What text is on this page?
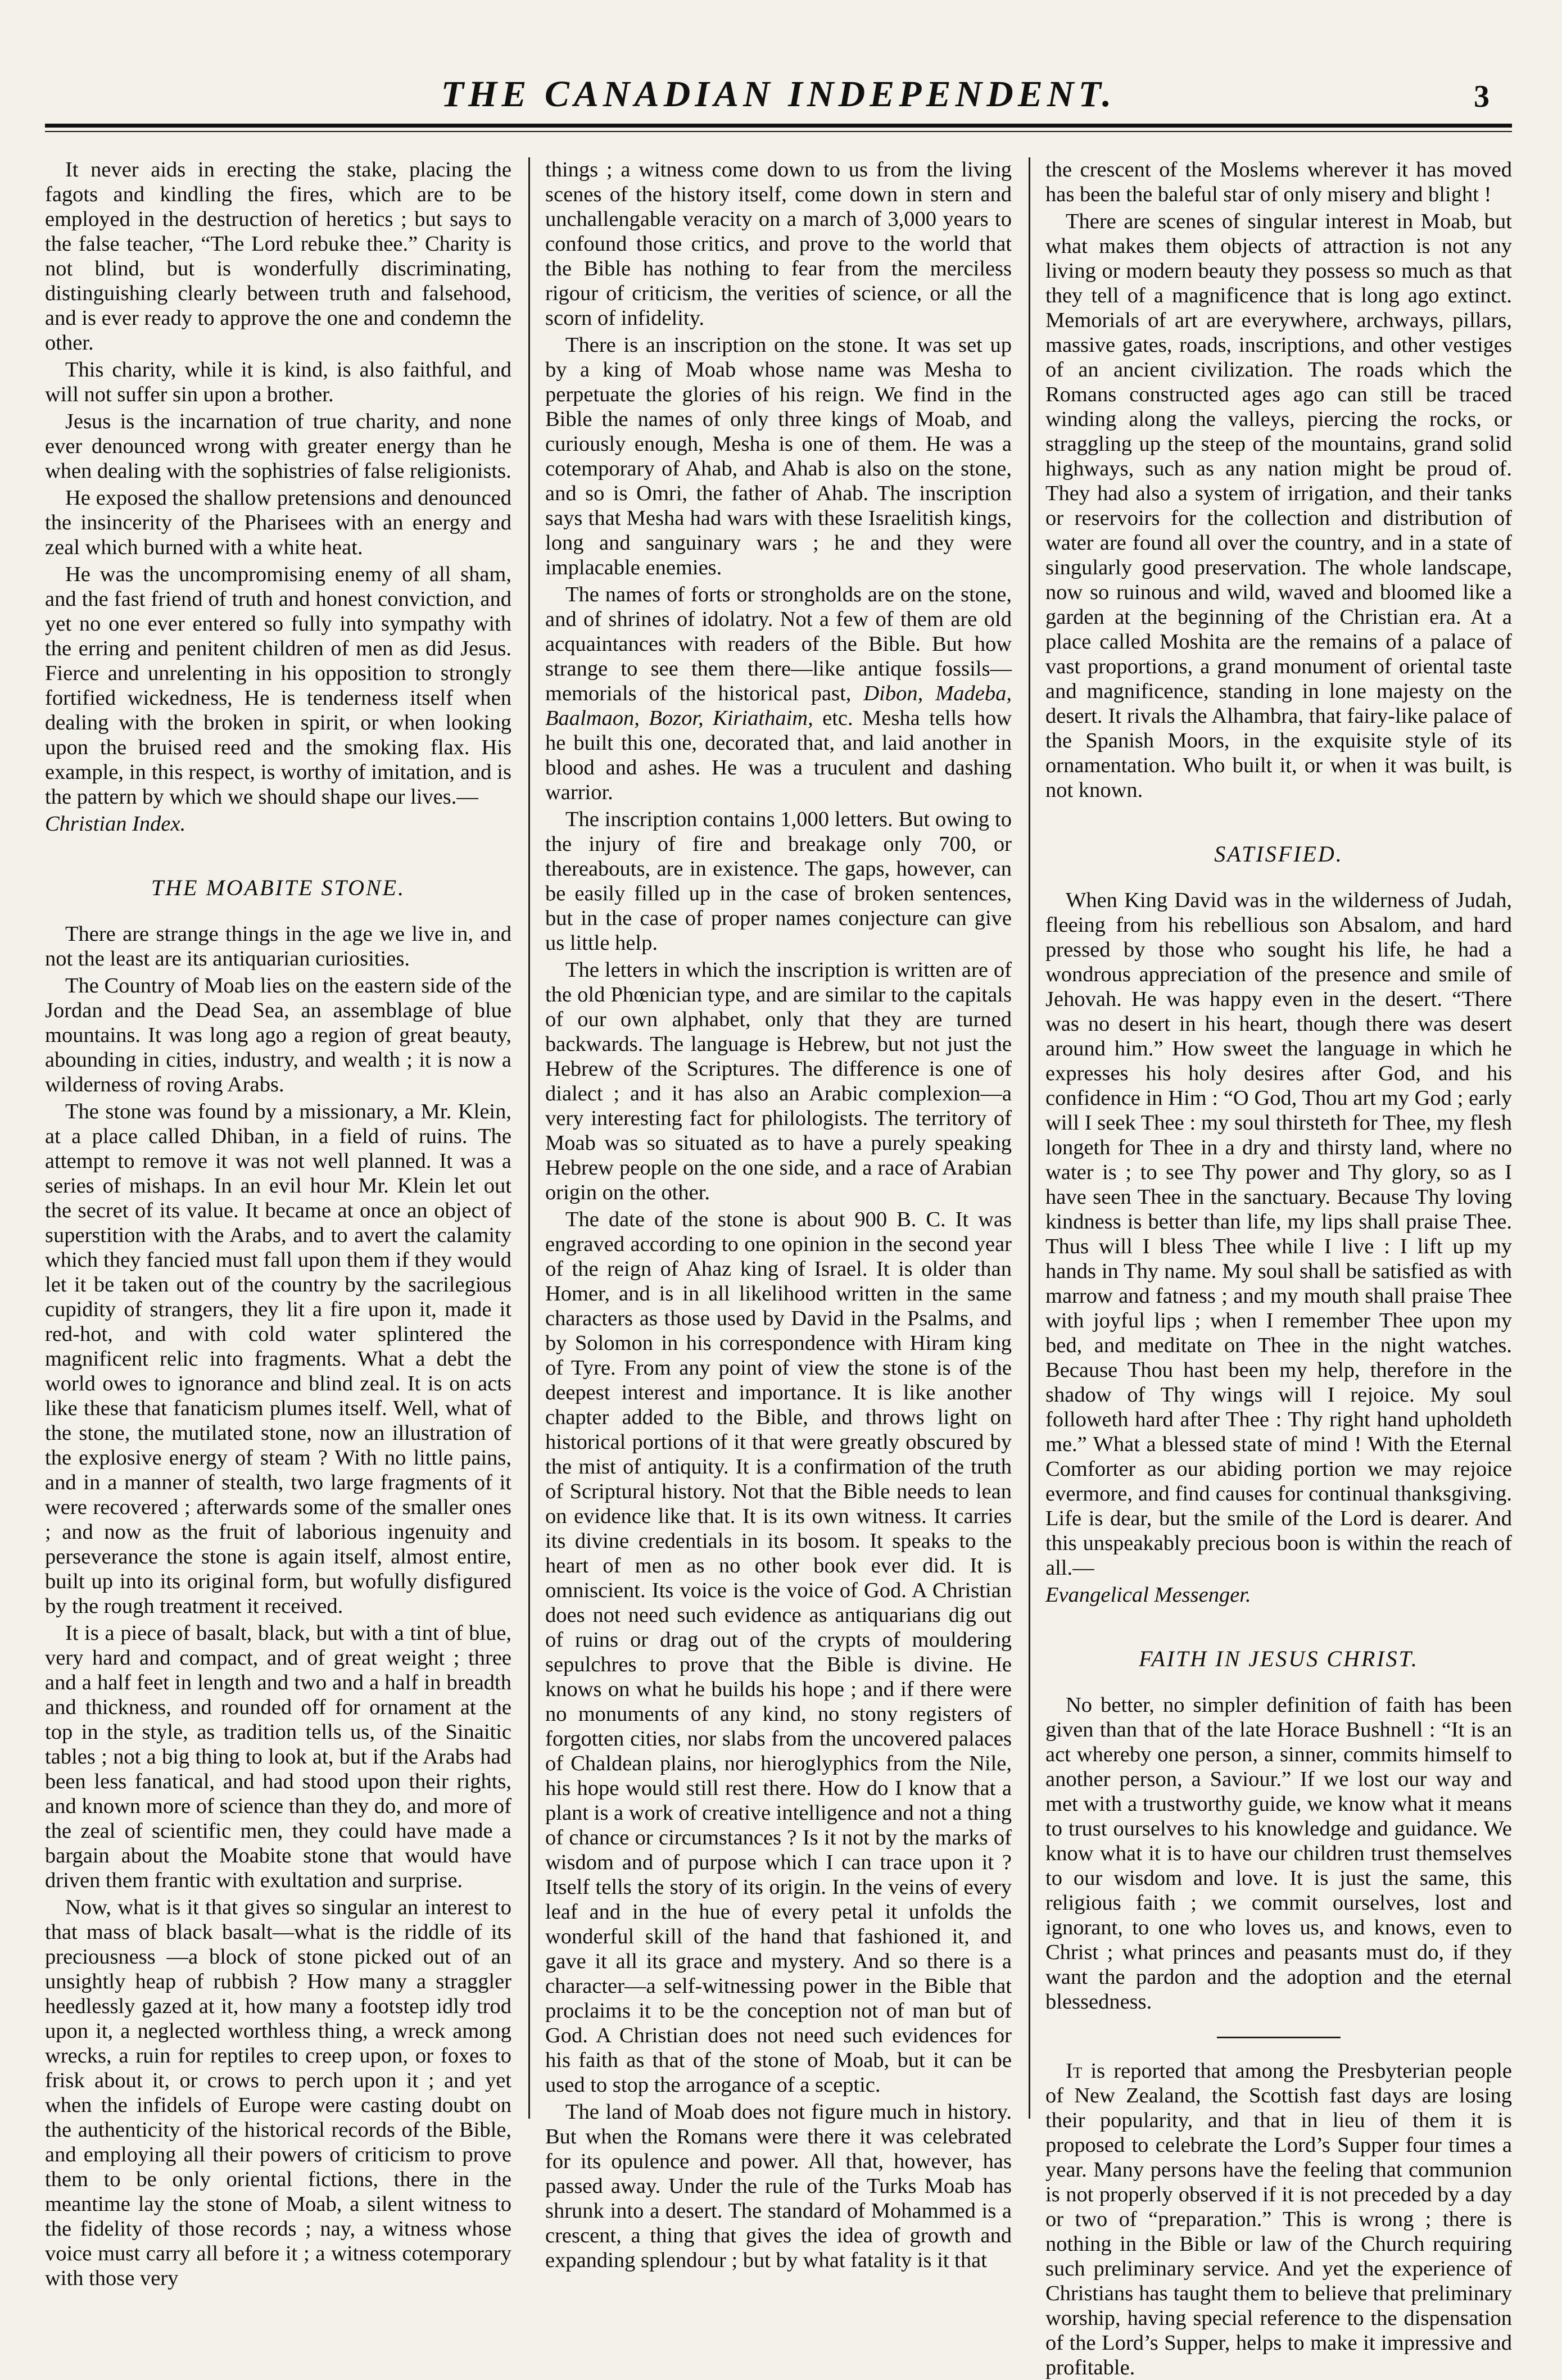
THE CANADIAN INDEPENDENT.	3

It never aids in erecting the stake, placing the fagots and kindling the fires, which are to be employed in the destruction of heretics ; but says to the false teacher, “The Lord rebuke thee.” Charity is not blind, but is wonderfully discriminating, distinguishing clearly between truth and falsehood, and is ever ready to approve the one and condemn the other.

This charity, while it is kind, is also faithful, and will not suffer sin upon a brother.

Jesus is the incarnation of true charity, and none ever denounced wrong with greater energy than he when dealing with the sophistries of false religionists.

He exposed the shallow pretensions and denounced the insincerity of the Pharisees with an energy and zeal which burned with a white heat.

He was the uncompromising enemy of all sham, and the fast friend of truth and honest conviction, and yet no one ever entered so fully into sympathy with the erring and penitent children of men as did Jesus. Fierce and unrelenting in his opposition to strongly fortified wickedness, He is tenderness itself when dealing with the broken in spirit, or when looking upon the bruised reed and the smoking flax. His example, in this respect, is worthy of imitation, and is the pattern by which we should shape our lives.—

Christian Index.

THE MOABITE STONE.

There are strange things in the age we live in, and not the least are its antiquarian curiosities.

The Country of Moab lies on the eastern side of the Jordan and the Dead Sea, an assemblage of blue mountains. It was long ago a region of great beauty, abounding in cities, industry, and wealth ; it is now a wilderness of roving Arabs.

The stone was found by a missionary, a Mr. Klein, at a place called Dhiban, in a field of ruins. The attempt to remove it was not well planned. It was a series of mishaps. In an evil hour Mr. Klein let out the secret of its value. It became at once an object of superstition with the Arabs, and to avert the calamity which they fancied must fall upon them if they would let it be taken out of the country by the sacrilegious cupidity of strangers, they lit a fire upon it, made it red-hot, and with cold water splintered the magnificent relic into fragments. What a debt the world owes to ignorance and blind zeal. It is on acts like these that fanaticism plumes itself. Well, what of the stone, the mutilated stone, now an illustration of the explosive energy of steam ? With no little pains, and in a manner of stealth, two large fragments of it were recovered ; afterwards some of the smaller ones ; and now as the fruit of laborious ingenuity and perseverance the stone is again itself, almost entire, built up into its original form, but wofully disfigured by the rough treatment it received.

It is a piece of basalt, black, but with a tint of blue, very hard and compact, and of great weight ; three and a half feet in length and two and a half in breadth and thickness, and rounded off for ornament at the top in the style, as tradition tells us, of the Sinaitic tables ; not a big thing to look at, but if the Arabs had been less fanatical, and had stood upon their rights, and known more of science than they do, and more of the zeal of scientific men, they could have made a bargain about the Moabite stone that would have driven them frantic with exultation and surprise.

Now, what is it that gives so singular an interest to that mass of black basalt—what is the riddle of its preciousness —a block of stone picked out of an unsightly heap of rubbish ? How many a straggler heedlessly gazed at it, how many a footstep idly trod upon it, a neglected worthless thing, a wreck among wrecks, a ruin for reptiles to creep upon, or foxes to frisk about it, or crows to perch upon it ; and yet when the infidels of Europe were casting doubt on the authenticity of the historical records of the Bible, and employing all their powers of criticism to prove them to be only oriental fictions, there in the meantime lay the stone of Moab, a silent witness to the fidelity of those records ; nay, a witness whose voice must carry all before it ; a witness cotemporary with those very

things ; a witness come down to us from the living scenes of the history itself, come down in stern and unchallengable veracity on a march of 3,000 years to confound those critics, and prove to the world that the Bible has nothing to fear from the merciless rigour of criticism, the verities of science, or all the scorn of infidelity.

There is an inscription on the stone. It was set up by a king of Moab whose name was Mesha to perpetuate the glories of his reign. We find in the Bible the names of only three kings of Moab, and curiously enough, Mesha is one of them. He was a cotemporary of Ahab, and Ahab is also on the stone, and so is Omri, the father of Ahab. The inscription says that Mesha had wars with these Israelitish kings, long and sanguinary wars ; he and they were implacable enemies.

The names of forts or strongholds are on the stone, and of shrines of idolatry. Not a few of them are old acquaintances with readers of the Bible. But how strange to see them there—like antique fossils—memorials of the historical past, Dibon, Madeba, Baalmaon, Bozor, Kiriathaim, etc. Mesha tells how he built this one, decorated that, and laid another in blood and ashes. He was a truculent and dashing warrior.

The inscription contains 1,000 letters. But owing to the injury of fire and breakage only 700, or thereabouts, are in existence. The gaps, however, can be easily filled up in the case of broken sentences, but in the case of proper names conjecture can give us little help.

The letters in which the inscription is written are of the old Phœnician type, and are similar to the capitals of our own alphabet, only that they are turned backwards. The language is Hebrew, but not just the Hebrew of the Scriptures. The difference is one of dialect ; and it has also an Arabic complexion—a very interesting fact for philologists. The territory of Moab was so situated as to have a purely speaking Hebrew people on the one side, and a race of Arabian origin on the other.

The date of the stone is about 900 B. C. It was engraved according to one opinion in the second year of the reign of Ahaz king of Israel. It is older than Homer, and is in all likelihood written in the same characters as those used by David in the Psalms, and by Solomon in his correspondence with Hiram king of Tyre. From any point of view the stone is of the deepest interest and importance. It is like another chapter added to the Bible, and throws light on historical portions of it that were greatly obscured by the mist of antiquity. It is a confirmation of the truth of Scriptural history. Not that the Bible needs to lean on evidence like that. It is its own witness. It carries its divine credentials in its bosom. It speaks to the heart of men as no other book ever did. It is omniscient. Its voice is the voice of God. A Christian does not need such evidence as antiquarians dig out of ruins or drag out of the crypts of mouldering sepulchres to prove that the Bible is divine. He knows on what he builds his hope ; and if there were no monuments of any kind, no stony registers of forgotten cities, nor slabs from the uncovered palaces of Chaldean plains, nor hieroglyphics from the Nile, his hope would still rest there. How do I know that a plant is a work of creative intelligence and not a thing of chance or circumstances ? Is it not by the marks of wisdom and of purpose which I can trace upon it ? Itself tells the story of its origin. In the veins of every leaf and in the hue of every petal it unfolds the wonderful skill of the hand that fashioned it, and gave it all its grace and mystery. And so there is a character—a self-witnessing power in the Bible that proclaims it to be the conception not of man but of God. A Christian does not need such evidences for his faith as that of the stone of Moab, but it can be used to stop the arrogance of a sceptic.

The land of Moab does not figure much in history. But when the Romans were there it was celebrated for its opulence and power. All that, however, has passed away. Under the rule of the Turks Moab has shrunk into a desert. The standard of Mohammed is a crescent, a thing that gives the idea of growth and expanding splendour ; but by what fatality is it that

the crescent of the Moslems wherever it has moved has been the baleful star of only misery and blight !

There are scenes of singular interest in Moab, but what makes them objects of attraction is not any living or modern beauty they possess so much as that they tell of a magnificence that is long ago extinct. Memorials of art are everywhere, archways, pillars, massive gates, roads, inscriptions, and other vestiges of an ancient civilization. The roads which the Romans constructed ages ago can still be traced winding along the valleys, piercing the rocks, or straggling up the steep of the mountains, grand solid highways, such as any nation might be proud of. They had also a system of irrigation, and their tanks or reservoirs for the collection and distribution of water are found all over the country, and in a state of singularly good preservation. The whole landscape, now so ruinous and wild, waved and bloomed like a garden at the beginning of the Christian era. At a place called Moshita are the remains of a palace of vast proportions, a grand monument of oriental taste and magnificence, standing in lone majesty on the desert. It rivals the Alhambra, that fairy-like palace of the Spanish Moors, in the exquisite style of its ornamentation. Who built it, or when it was built, is not known.

SATISFIED.

When King David was in the wilderness of Judah, fleeing from his rebellious son Absalom, and hard pressed by those who sought his life, he had a wondrous appreciation of the presence and smile of Jehovah. He was happy even in the desert. “There was no desert in his heart, though there was desert around him.” How sweet the language in which he expresses his holy desires after God, and his confidence in Him : “O God, Thou art my God ; early will I seek Thee : my soul thirsteth for Thee, my flesh longeth for Thee in a dry and thirsty land, where no water is ; to see Thy power and Thy glory, so as I have seen Thee in the sanctuary. Because Thy loving kindness is better than life, my lips shall praise Thee. Thus will I bless Thee while I live : I lift up my hands in Thy name. My soul shall be satisfied as with marrow and fatness ; and my mouth shall praise Thee with joyful lips ; when I remember Thee upon my bed, and meditate on Thee in the night watches. Because Thou hast been my help, therefore in the shadow of Thy wings will I rejoice. My soul followeth hard after Thee : Thy right hand upholdeth me.” What a blessed state of mind ! With the Eternal Comforter as our abiding portion we may rejoice evermore, and find causes for continual thanksgiving. Life is dear, but the smile of the Lord is dearer. And this unspeakably precious boon is within the reach of all.—

Evangelical Messenger.

FAITH IN JESUS CHRIST.

No better, no simpler definition of faith has been given than that of the late Horace Bushnell : “It is an act whereby one person, a sinner, commits himself to another person, a Saviour.” If we lost our way and met with a trustworthy guide, we know what it means to trust ourselves to his knowledge and guidance. We know what it is to have our children trust themselves to our wisdom and love. It is just the same, this religious faith ; we commit ourselves, lost and ignorant, to one who loves us, and knows, even to Christ ; what princes and peasants must do, if they want the pardon and the adoption and the eternal blessedness.

It is reported that among the Presbyterian people of New Zealand, the Scottish fast days are losing their popularity, and that in lieu of them it is proposed to celebrate the Lord’s Supper four times a year. Many persons have the feeling that communion is not properly observed if it is not preceded by a day or two of “preparation.” This is wrong ; there is nothing in the Bible or law of the Church requiring such preliminary service. And yet the experience of Christians has taught them to believe that preliminary worship, having special reference to the dispensation of the Lord’s Supper, helps to make it impressive and profitable.
